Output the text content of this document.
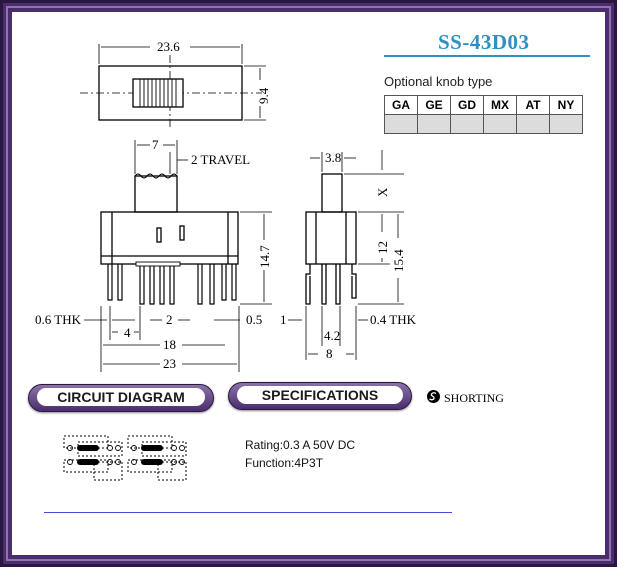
23.6
9.4
7
2 TRAVEL
14.7
0.6 THK
4
2	0.5
18
23
3.8
X
12
15.4
1	0.4 THK
4.2
8
SS-43D03
Optional knob type
GA	GE	GD	MX	AT	NY

CIRCUIT DIAGRAM	SPECIFICATIONS	SHORTING
Rating:0.3 A 50V DC
Function:4P3T
